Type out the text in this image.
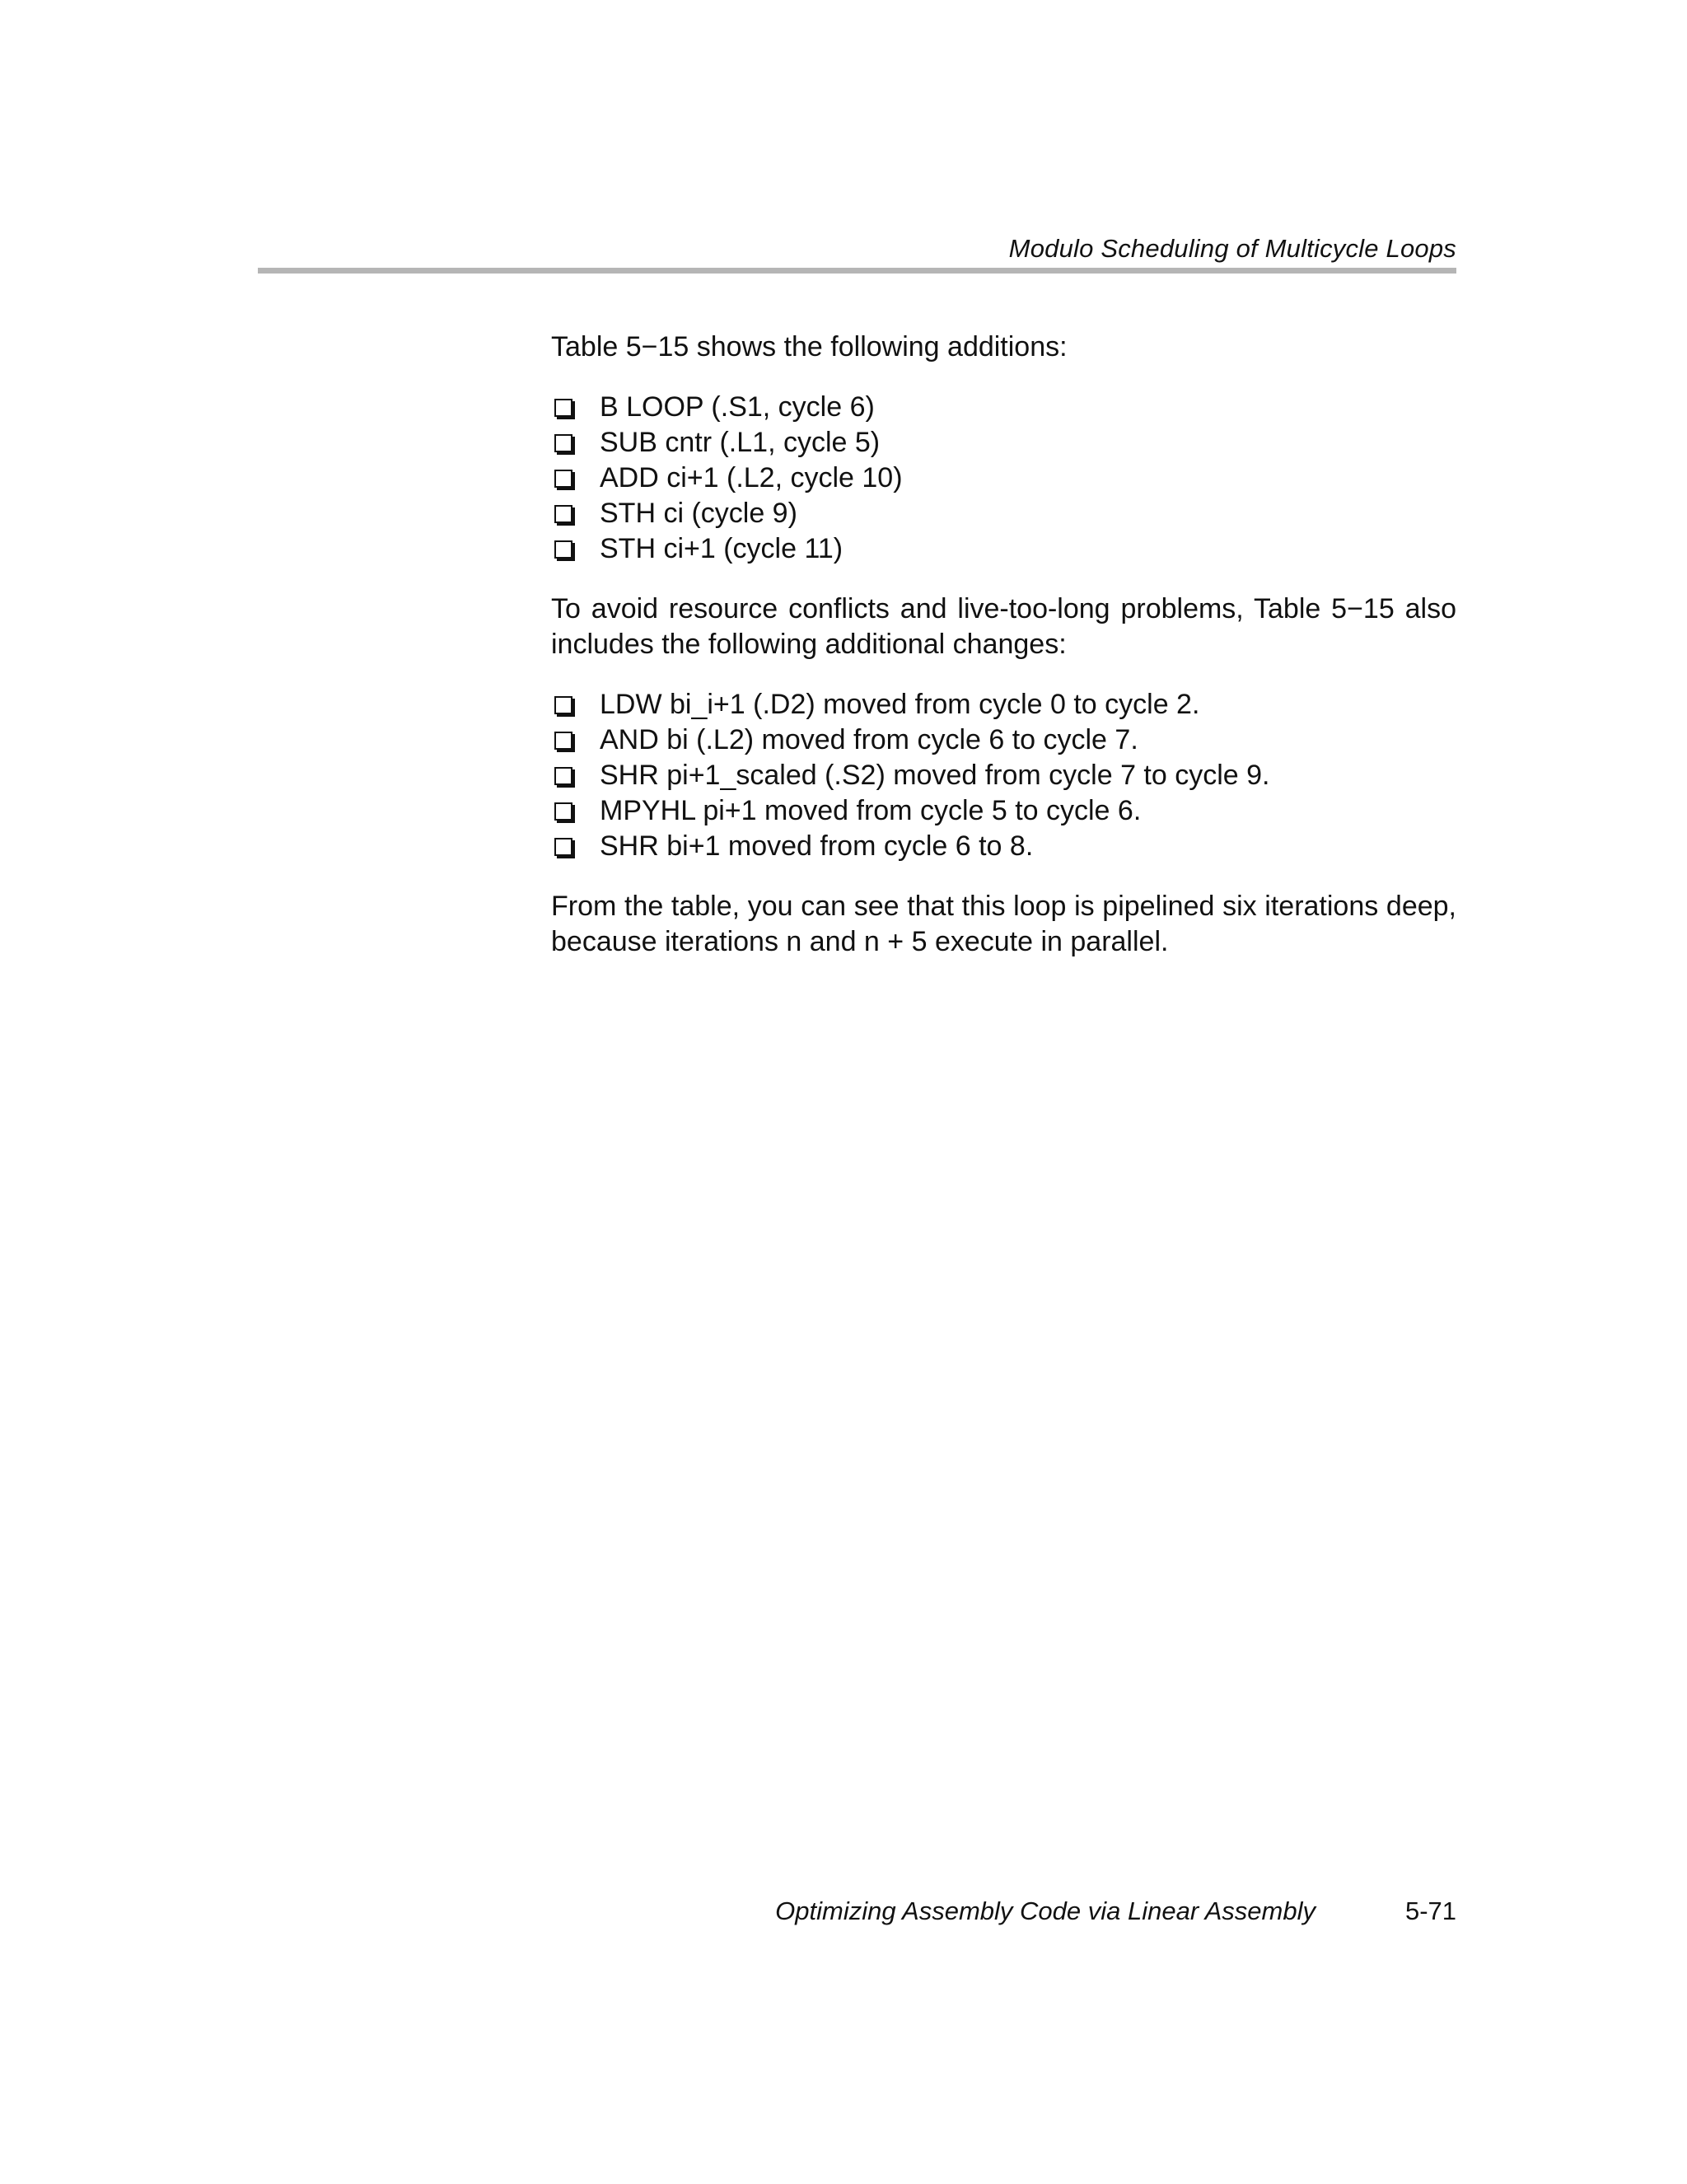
Modulo Scheduling of Multicycle Loops

Table 5−15 shows the following additions:

B LOOP (.S1, cycle 6)
SUB cntr (.L1, cycle 5)
ADD ci+1 (.L2, cycle 10)
STH ci (cycle 9)
STH ci+1 (cycle 11)

To avoid resource conflicts and live-too-long problems, Table 5−15 also includes the following additional changes:

LDW bi_i+1 (.D2) moved from cycle 0 to cycle 2.
AND bi (.L2) moved from cycle 6 to cycle 7.
SHR pi+1_scaled (.S2) moved from cycle 7 to cycle 9.
MPYHL pi+1 moved from cycle 5 to cycle 6.
SHR bi+1 moved from cycle 6 to 8.

From the table, you can see that this loop is pipelined six iterations deep, because iterations n and n + 5 execute in parallel.

Optimizing Assembly Code via Linear Assembly	5-71
